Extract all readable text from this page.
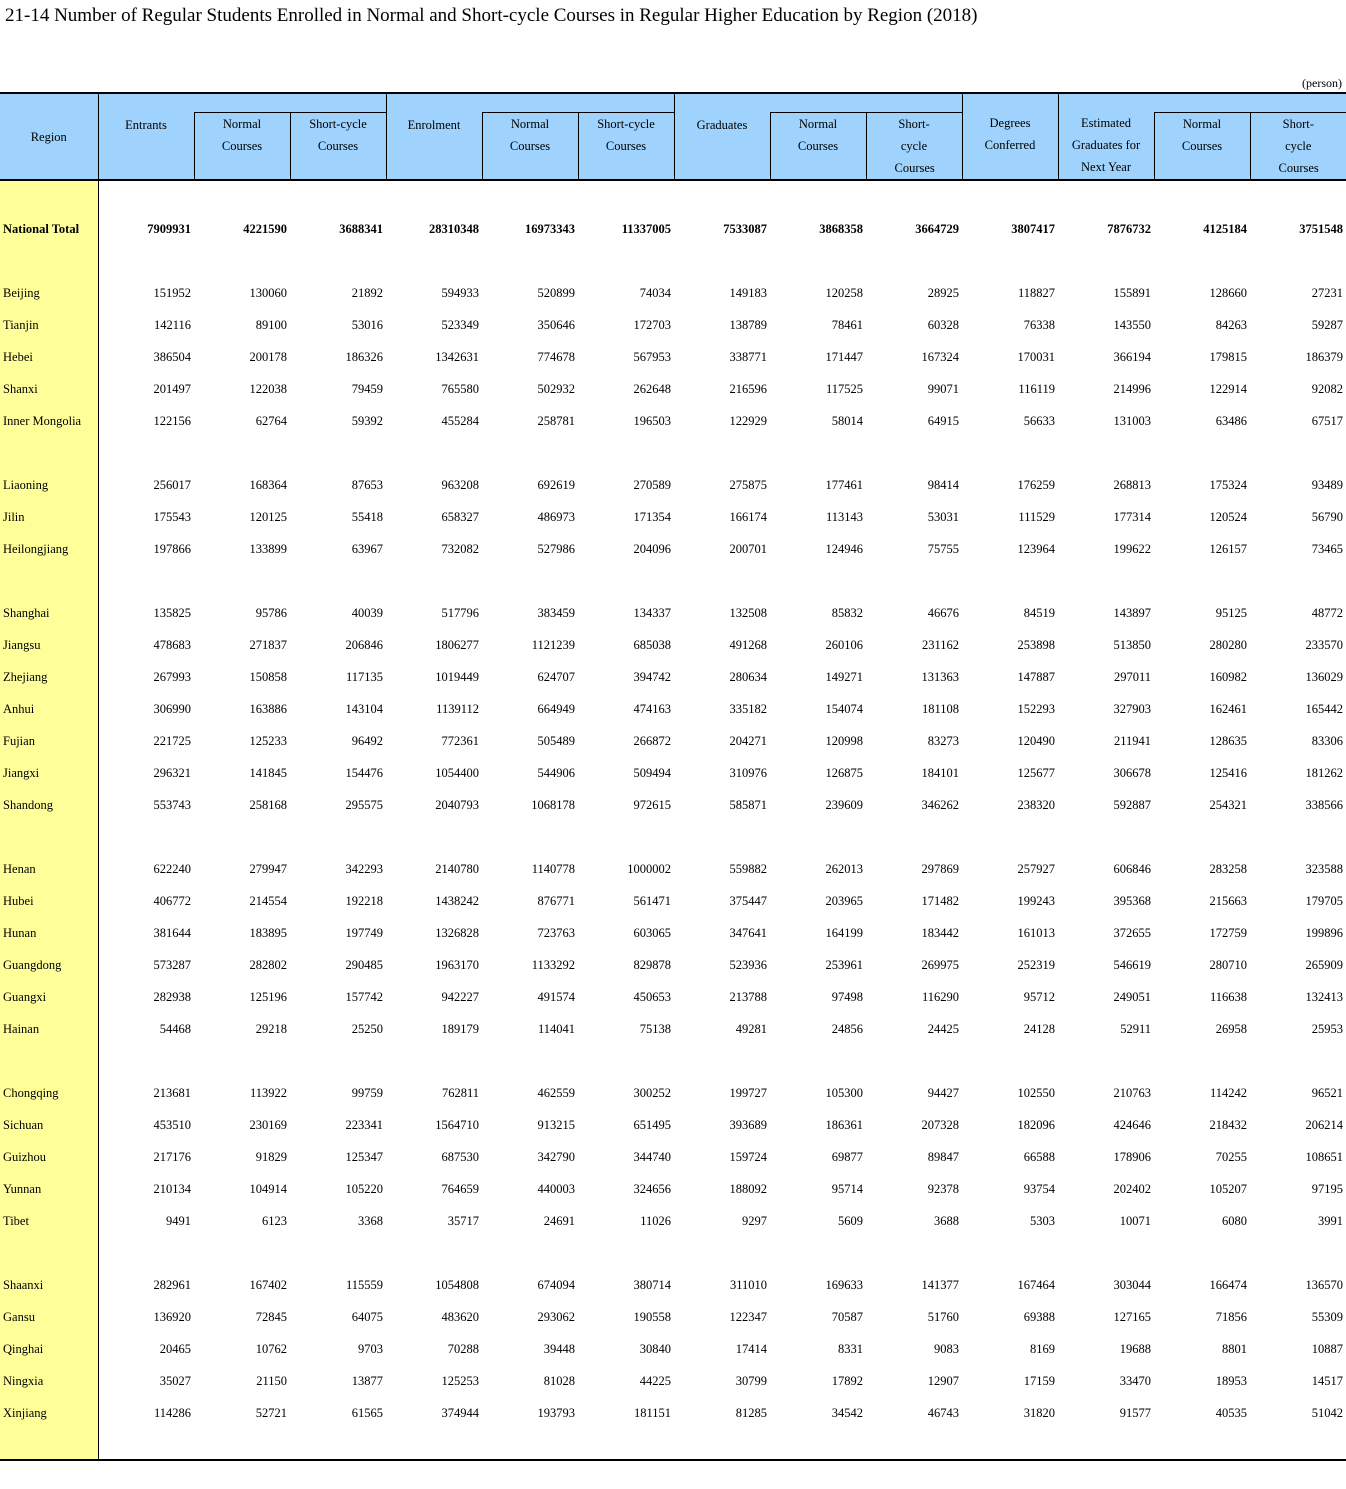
21-14 Number of Regular Students Enrolled in Normal and Short-cycle Courses in Regular Higher Education by Region (2018)
(person)
Region	Entrants			Enrolment			Graduates			Degrees Conferred	Estimated Graduates for Next Year		
		Normal Courses	Short-cycle Courses		Normal Courses	Short-cycle Courses		Normal Courses	Short- cycle Courses			Normal Courses	Short- cycle Courses

National Total	7909931	4221590	3688341	28310348	16973343	11337005	7533087	3868358	3664729	3807417	7876732	4125184	3751548

Beijing	151952	130060	21892	594933	520899	74034	149183	120258	28925	118827	155891	128660	27231
Tianjin	142116	89100	53016	523349	350646	172703	138789	78461	60328	76338	143550	84263	59287
Hebei	386504	200178	186326	1342631	774678	567953	338771	171447	167324	170031	366194	179815	186379
Shanxi	201497	122038	79459	765580	502932	262648	216596	117525	99071	116119	214996	122914	92082
Inner Mongolia	122156	62764	59392	455284	258781	196503	122929	58014	64915	56633	131003	63486	67517

Liaoning	256017	168364	87653	963208	692619	270589	275875	177461	98414	176259	268813	175324	93489
Jilin	175543	120125	55418	658327	486973	171354	166174	113143	53031	111529	177314	120524	56790
Heilongjiang	197866	133899	63967	732082	527986	204096	200701	124946	75755	123964	199622	126157	73465

Shanghai	135825	95786	40039	517796	383459	134337	132508	85832	46676	84519	143897	95125	48772
Jiangsu	478683	271837	206846	1806277	1121239	685038	491268	260106	231162	253898	513850	280280	233570
Zhejiang	267993	150858	117135	1019449	624707	394742	280634	149271	131363	147887	297011	160982	136029
Anhui	306990	163886	143104	1139112	664949	474163	335182	154074	181108	152293	327903	162461	165442
Fujian	221725	125233	96492	772361	505489	266872	204271	120998	83273	120490	211941	128635	83306
Jiangxi	296321	141845	154476	1054400	544906	509494	310976	126875	184101	125677	306678	125416	181262
Shandong	553743	258168	295575	2040793	1068178	972615	585871	239609	346262	238320	592887	254321	338566

Henan	622240	279947	342293	2140780	1140778	1000002	559882	262013	297869	257927	606846	283258	323588
Hubei	406772	214554	192218	1438242	876771	561471	375447	203965	171482	199243	395368	215663	179705
Hunan	381644	183895	197749	1326828	723763	603065	347641	164199	183442	161013	372655	172759	199896
Guangdong	573287	282802	290485	1963170	1133292	829878	523936	253961	269975	252319	546619	280710	265909
Guangxi	282938	125196	157742	942227	491574	450653	213788	97498	116290	95712	249051	116638	132413
Hainan	54468	29218	25250	189179	114041	75138	49281	24856	24425	24128	52911	26958	25953

Chongqing	213681	113922	99759	762811	462559	300252	199727	105300	94427	102550	210763	114242	96521
Sichuan	453510	230169	223341	1564710	913215	651495	393689	186361	207328	182096	424646	218432	206214
Guizhou	217176	91829	125347	687530	342790	344740	159724	69877	89847	66588	178906	70255	108651
Yunnan	210134	104914	105220	764659	440003	324656	188092	95714	92378	93754	202402	105207	97195
Tibet	9491	6123	3368	35717	24691	11026	9297	5609	3688	5303	10071	6080	3991

Shaanxi	282961	167402	115559	1054808	674094	380714	311010	169633	141377	167464	303044	166474	136570
Gansu	136920	72845	64075	483620	293062	190558	122347	70587	51760	69388	127165	71856	55309
Qinghai	20465	10762	9703	70288	39448	30840	17414	8331	9083	8169	19688	8801	10887
Ningxia	35027	21150	13877	125253	81028	44225	30799	17892	12907	17159	33470	18953	14517
Xinjiang	114286	52721	61565	374944	193793	181151	81285	34542	46743	31820	91577	40535	51042
